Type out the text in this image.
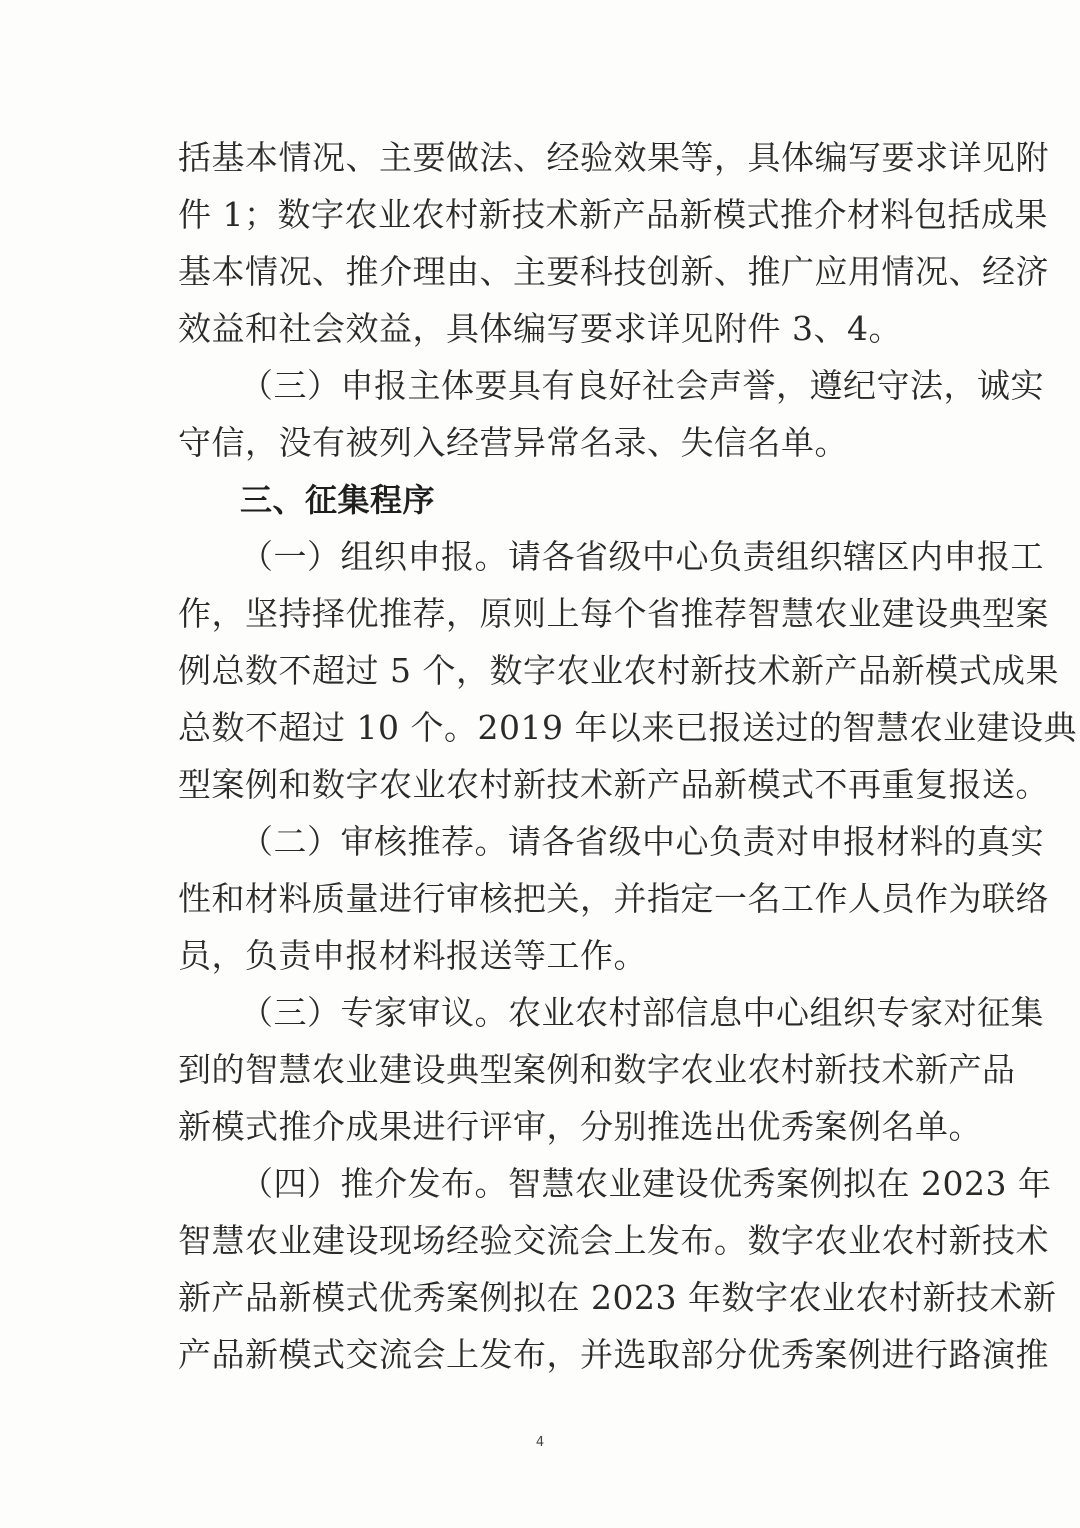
括基本情况、主要做法、经验效果等，具体编写要求详见附
件 1；数字农业农村新技术新产品新模式推介材料包括成果
基本情况、推介理由、主要科技创新、推广应用情况、经济
效益和社会效益，具体编写要求详见附件 3、4。
（三）申报主体要具有良好社会声誉，遵纪守法，诚实
守信，没有被列入经营异常名录、失信名单。
三、征集程序
（一）组织申报。请各省级中心负责组织辖区内申报工
作，坚持择优推荐，原则上每个省推荐智慧农业建设典型案
例总数不超过 5 个，数字农业农村新技术新产品新模式成果
总数不超过 10 个。2019 年以来已报送过的智慧农业建设典
型案例和数字农业农村新技术新产品新模式不再重复报送。
（二）审核推荐。请各省级中心负责对申报材料的真实
性和材料质量进行审核把关，并指定一名工作人员作为联络
员，负责申报材料报送等工作。
（三）专家审议。农业农村部信息中心组织专家对征集
到的智慧农业建设典型案例和数字农业农村新技术新产品
新模式推介成果进行评审，分别推选出优秀案例名单。
（四）推介发布。智慧农业建设优秀案例拟在 2023 年
智慧农业建设现场经验交流会上发布。数字农业农村新技术
新产品新模式优秀案例拟在 2023 年数字农业农村新技术新
产品新模式交流会上发布，并选取部分优秀案例进行路演推
4
